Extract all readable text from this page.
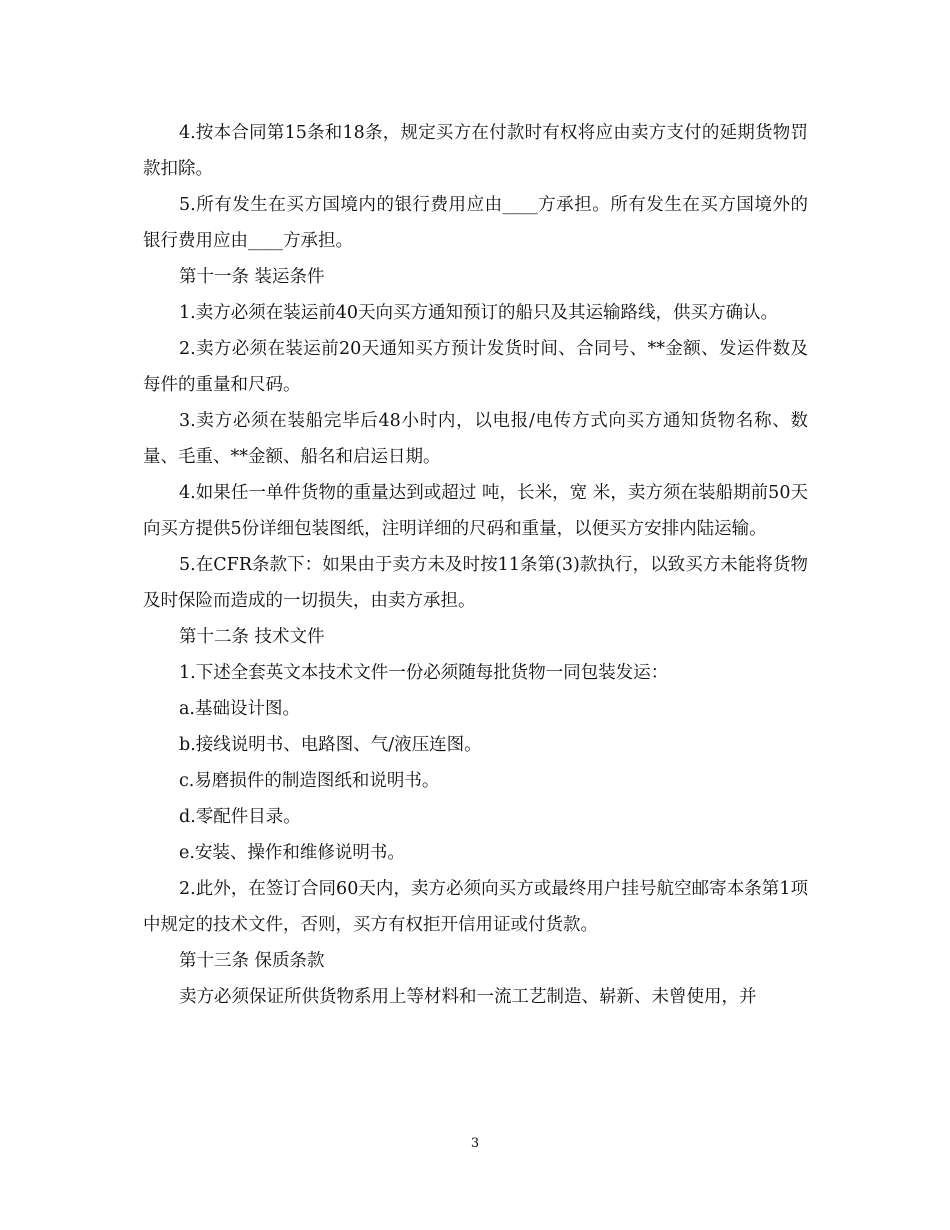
4.按本合同第15条和18条，规定买方在付款时有权将应由卖方支付的延期货物罚款扣除。

5.所有发生在买方国境内的银行费用应由____方承担。所有发生在买方国境外的银行费用应由____方承担。

第十一条 装运条件

1.卖方必须在装运前40天向买方通知预订的船只及其运输路线，供买方确认。

2.卖方必须在装运前20天通知买方预计发货时间、合同号、**金额、发运件数及每件的重量和尺码。

3.卖方必须在装船完毕后48小时内，以电报/电传方式向买方通知货物名称、数量、毛重、**金额、船名和启运日期。

4.如果任一单件货物的重量达到或超过 吨，长米，宽 米，卖方须在装船期前50天向买方提供5份详细包装图纸，注明详细的尺码和重量，以便买方安排内陆运输。

5.在CFR条款下：如果由于卖方未及时按11条第(3)款执行，以致买方未能将货物及时保险而造成的一切损失，由卖方承担。

第十二条 技术文件

1.下述全套英文本技术文件一份必须随每批货物一同包装发运：

a.基础设计图。

b.接线说明书、电路图、气/液压连图。

c.易磨损件的制造图纸和说明书。

d.零配件目录。

e.安装、操作和维修说明书。

2.此外，在签订合同60天内，卖方必须向买方或最终用户挂号航空邮寄本条第1项中规定的技术文件，否则，买方有权拒开信用证或付货款。

第十三条 保质条款

卖方必须保证所供货物系用上等材料和一流工艺制造、崭新、未曾使用，并

3
